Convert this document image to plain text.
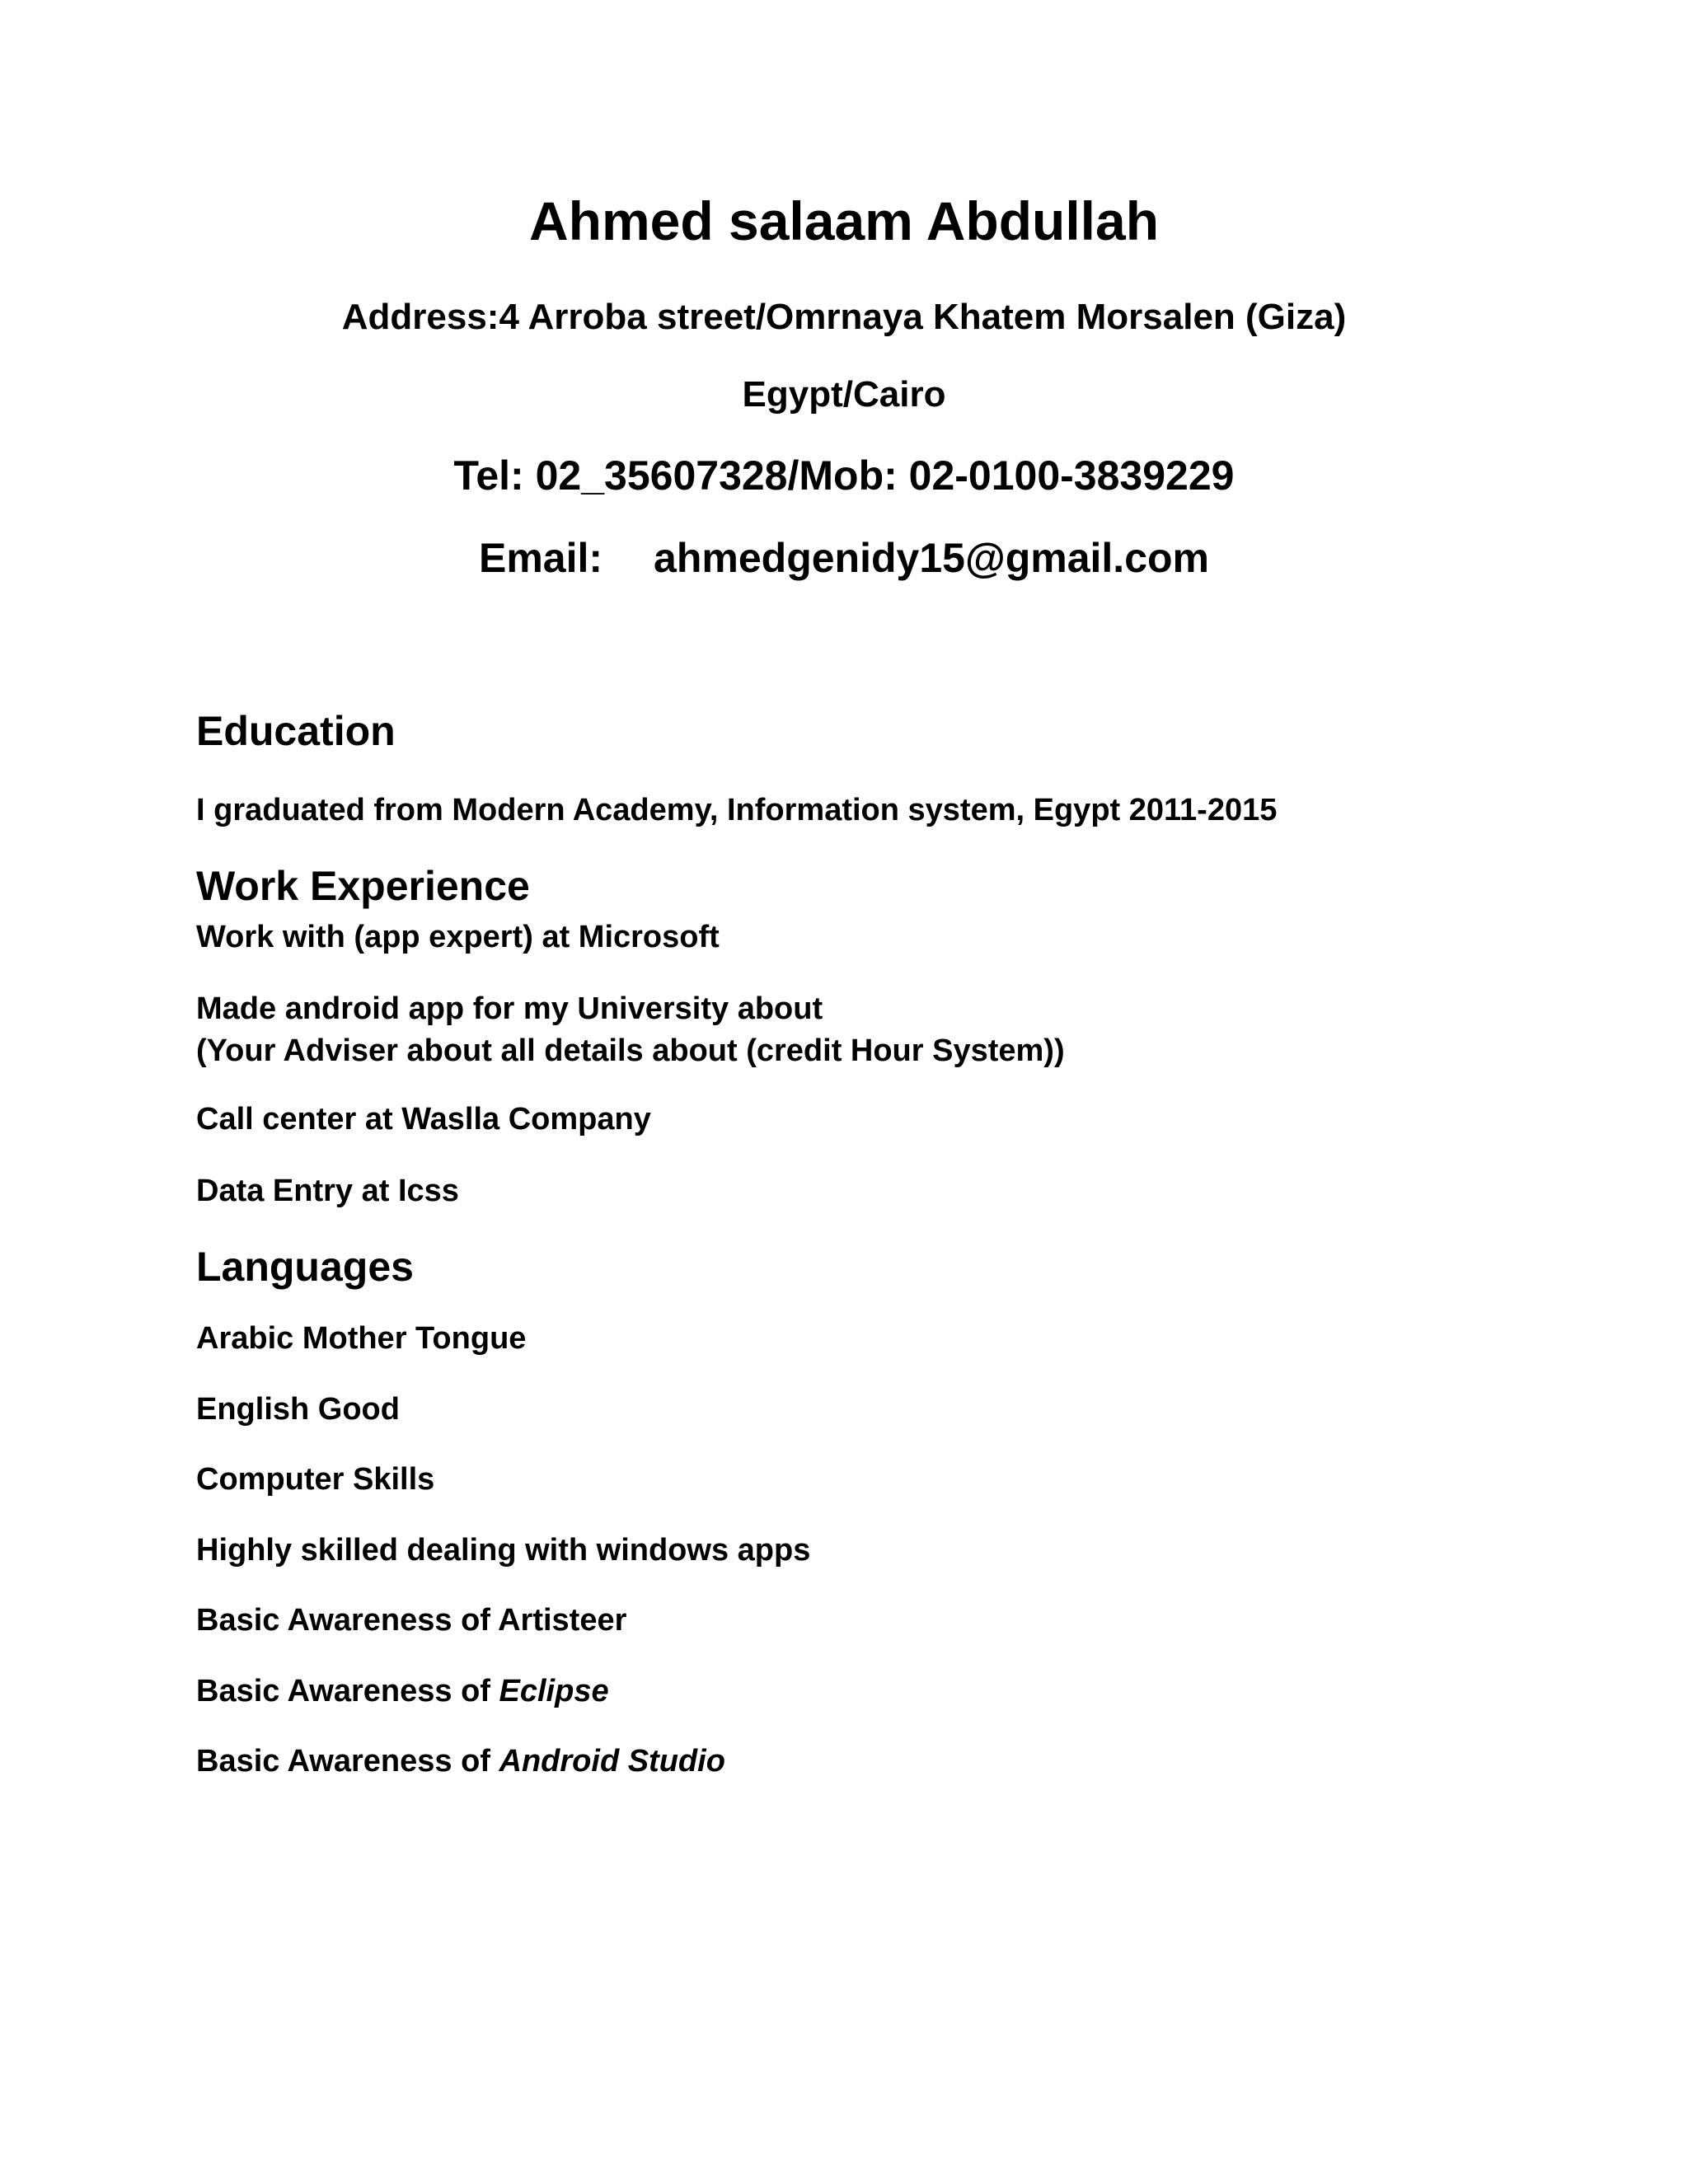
Ahmed salaam Abdullah
Address:4 Arroba street/Omrnaya Khatem Morsalen (Giza)
Egypt/Cairo
Tel: 02_35607328/Mob: 02-0100-3839229
Email: ahmedgenidy15@gmail.com
Education
I graduated from Modern Academy, Information system, Egypt 2011-2015
Work Experience
Work with (app expert) at Microsoft
Made android app for my University about
(Your Adviser about all details about (credit Hour System))
Call center at Waslla Company
Data Entry at Icss
Languages
Arabic Mother Tongue
English Good
Computer Skills
Highly skilled dealing with windows apps
Basic Awareness of Artisteer
Basic Awareness of Eclipse
Basic Awareness of Android Studio
